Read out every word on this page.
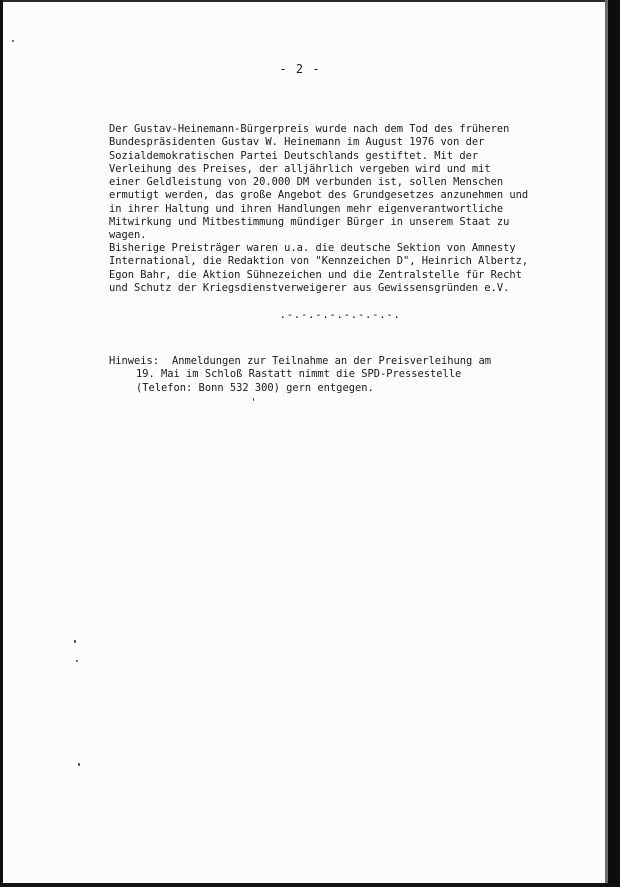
- 2 -
Der Gustav-Heinemann-Bürgerpreis wurde nach dem Tod des früheren
Bundespräsidenten Gustav W. Heinemann im August 1976 von der
Sozialdemokratischen Partei Deutschlands gestiftet. Mit der
Verleihung des Preises, der alljährlich vergeben wird und mit
einer Geldleistung von 20.000 DM verbunden ist, sollen Menschen
ermutigt werden, das große Angebot des Grundgesetzes anzunehmen und
in ihrer Haltung und ihren Handlungen mehr eigenverantwortliche
Mitwirkung und Mitbestimmung mündiger Bürger in unserem Staat zu
wagen.
Bisherige Preisträger waren u.a. die deutsche Sektion von Amnesty
International, die Redaktion von "Kennzeichen D", Heinrich Albertz,
Egon Bahr, die Aktion Sühnezeichen und die Zentralstelle für Recht
und Schutz der Kriegsdienstverweigerer aus Gewissensgründen e.V.
.-.-.-.-.-.-.-.-.
Hinweis: Anmeldungen zur Teilnahme an der Preisverleihung am
19. Mai im Schloß Rastatt nimmt die SPD-Pressestelle
(Telefon: Bonn 532 300) gern entgegen.
